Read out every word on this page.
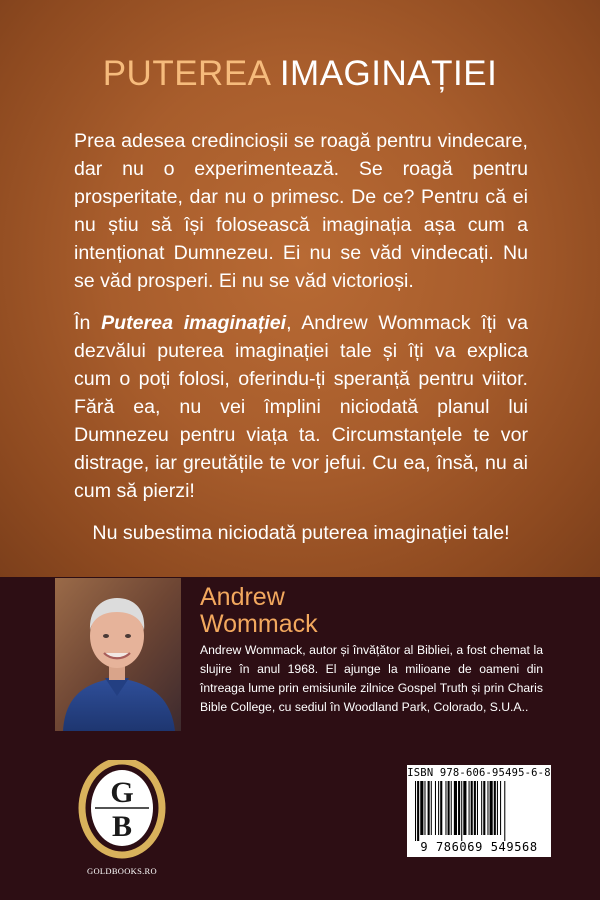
PUTEREA IMAGINAȚIEI

Prea adesea credincioșii se roagă pentru vindecare, dar nu o experimentează. Se roagă pentru prosperitate, dar nu o primesc. De ce? Pentru că ei nu știu să își folosească imaginația așa cum a intenționat Dumnezeu. Ei nu se văd vindecați. Nu se văd prosperi. Ei nu se văd victorioși.

În Puterea imaginației, Andrew Wommack îți va dezvălui puterea imaginației tale și îți va explica cum o poți folosi, oferindu-ți speranță pentru viitor. Fără ea, nu vei împlini niciodată planul lui Dumnezeu pentru viața ta. Circumstanțele te vor distrage, iar greutățile te vor jefui. Cu ea, însă, nu ai cum să pierzi!

Nu subestima niciodată puterea imaginației tale!

Andrew
Wommack
Andrew Wommack, autor și învățător al Bibliei, a fost chemat la slujire în anul 1968. El ajunge la milioane de oameni din întreaga lume prin emisiunile zilnice Gospel Truth și prin Charis Bible College, cu sediul în Woodland Park, Colorado, S.U.A..
G
B
GOLDBOOKS.RO
ISBN 978-606-95495-6-8
9 786069 549568
